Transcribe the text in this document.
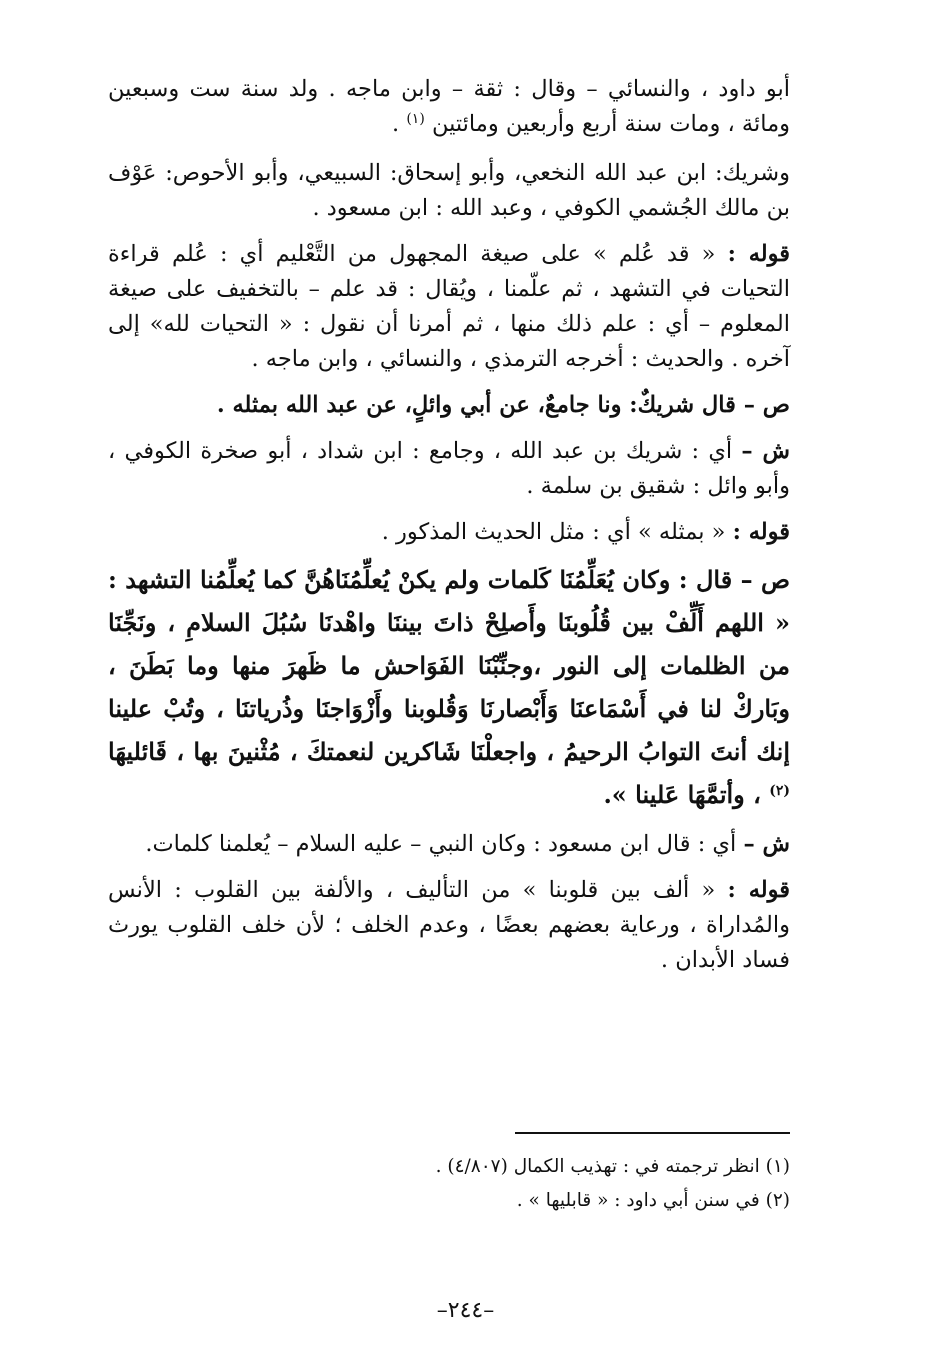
أبو داود ، والنسائي – وقال : ثقة – وابن ماجه . ولد سنة ست وسبعين ومائة ، ومات سنة أربع وأربعين ومائتين $^{(١)}$ .

وشريك: ابن عبد الله النخعي، وأبو إسحاق: السبيعي، وأبو الأحوص: عَوْف بن مالك الجُشمي الكوفي ، وعبد الله : ابن مسعود .

قوله : « قد عُلم » على صيغة المجهول من التَّعْليم أي : عُلم قراءة التحيات في التشهد ، ثم علّمنا ، ويُقال : قد علم – بالتخفيف على صيغة المعلوم – أي : علم ذلك منها ، ثم أمرنا أن نقول : « التحيات لله» إلى آخره . والحديث : أخرجه الترمذي ، والنسائي ، وابن ماجه .

ص – قال شريكٌ: ونا جامعٌ، عن أبي وائلٍ، عن عبد الله بمثله .

ش – أي : شريك بن عبد الله ، وجامع : ابن شداد ، أبو صخرة الكوفي ، وأبو وائل : شقيق بن سلمة .

قوله : « بمثله » أي : مثل الحديث المذكور .

ص – قال : وكان يُعَلِّمُنَا كَلمات ولم يكنْ يُعلِّمُنَاهُنَّ كما يُعلِّمُنا التشهد : « اللهم أَلِّفْ بين قُلُوبنَا وأَصلِحْ ذاتَ بيننَا واهْدنَا سُبُلَ السلامِ ، ونَجِّنَا من الظلمات إلى النور ،وجنِّبْنَا الفَوَاحش ما ظَهرَ منها وما بَطَنَ ، وبَاركْ لنا في أَسْمَاعنَا وَأَبْصارنَا وَقُلوبنا وأَزْوَاجنَا وذُرياتنَا ، وتُبْ علينا إنك أنتَ التوابُ الرحيمُ ، واجعلْنَا شَاكرين لنعمتكَ ، مُثْنينَ بها ، قَائليهَا $^{(٢)}$ ، وأتمَّهَا عَلينا ».

ش – أي : قال ابن مسعود : وكان النبي – عليه السلام – يُعلمنا كلمات.

قوله : « ألف بين قلوبنا » من التأليف ، والألفة بين القلوب : الأنس والمُداراة ، ورعاية بعضهم بعضًا ، وعدم الخلف ؛ لأن خلف القلوب يورث فساد الأبدان .

(١) انظر ترجمته في : تهذيب الكمال (٤/٨٠٧) .

(٢) في سنن أبي داود : « قابليها » .

–٢٤٤–
